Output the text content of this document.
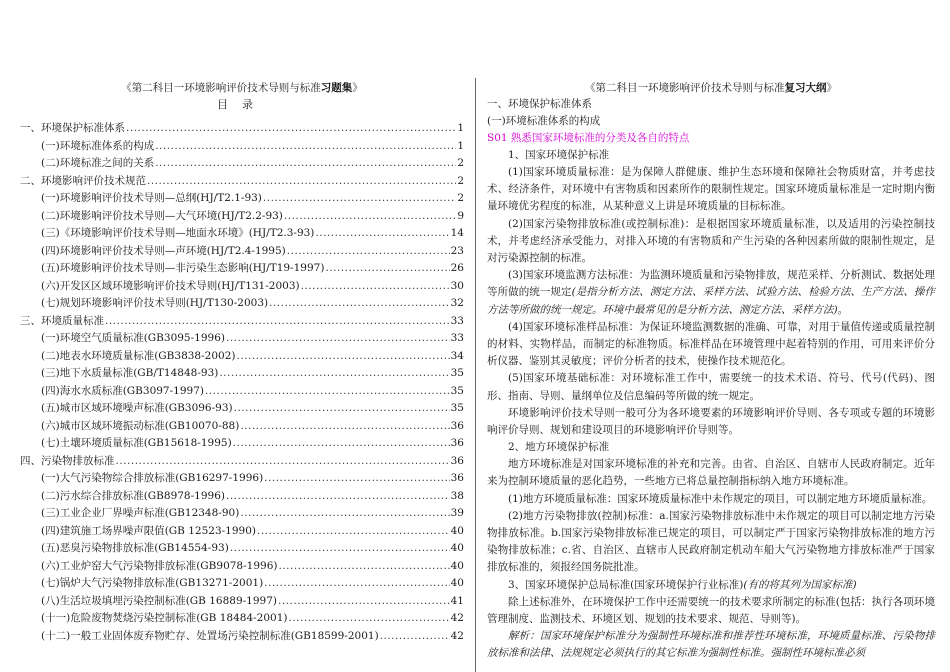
《第二科目一环境影响评价技术导则与标准习题集》
目录
一、环境保护标准体系 .....	1
(一)环境标准体系的构成 .....	1
(二)环境标准之间的关系 .....	2
二、环境影响评价技术规范 .....	2
(一)环境影响评价技术导则—总纲(HJ/T2.1-93) .....	2
(二)环境影响评价技术导则—大气环境(HJ/T2.2-93) .....	9
(三)《环境影响评价技术导则—地面水环境》(HJ/T2.3-93) .....	14
(四)环境影响评价技术导则—声环境(HJ/T2.4-1995) .....	23
(五)环境影响评价技术导则—非污染生态影响(HJ/T19-1997) .....	26
(六)开发区区域环境影响评价技术导则(HJ/T131-2003) .....	30
(七)规划环境影响评价技术导则(HJ/T130-2003) .....	32
三、环境质量标准 .....	33
(一)环境空气质量标准(GB3095-1996) .....	33
(二)地表水环境质量标准(GB3838-2002) .....	34
(三)地下水质量标准(GB/T14848-93) .....	35
(四)海水水质标准(GB3097-1997) .....	35
(五)城市区域环境噪声标准(GB3096-93) .....	35
(六)城市区域环境振动标准(GB10070-88) .....	36
(七)土壤环境质量标准(GB15618-1995) .....	36
四、污染物排放标准 .....	36
(一)大气污染物综合排放标准(GB16297-1996) .....	36
(二)污水综合排放标准(GB8978-1996) .....	38
(三)工业企业厂界噪声标准(GB12348-90) .....	39
(四)建筑施工场界噪声限值(GB 12523-1990) .....	40
(五)恶臭污染物排放标准(GB14554-93) .....	40
(六)工业炉窑大气污染物排放标准(GB9078-1996) .....	40
(七)锅炉大气污染物排放标准(GB13271-2001) .....	40
(八)生活垃圾填埋污染控制标准(GB 16889-1997) .....	41
(十一)危险废物焚烧污染控制标准(GB 18484-2001) .....	42
(十二)一般工业固体废弃物贮存、处置场污染控制标准(GB18599-2001) .....	42
《第二科目一环境影响评价技术导则与标准复习大纲》
一、环境保护标准体系
(一)环境标准体系的构成
S01 熟悉国家环境标准的分类及各自的特点
1、国家环境保护标准
(1)国家环境质量标准：是为保障人群健康、维护生态环境和保障社会物质财富，并考虑技术、经济条件，对环境中有害物质和因素所作的限制性规定。国家环境质量标准是一定时期内衡量环境优劣程度的标准，从某种意义上讲是环境质量的目标标准。
(2)国家污染物排放标准(或控制标准)：是根据国家环境质量标准，以及适用的污染控制技术，并考虑经济承受能力，对排入环境的有害物质和产生污染的各种因素所做的限制性规定，是对污染源控制的标准。
(3)国家环境监测方法标准：为监测环境质量和污染物排放，规范采样、分析测试、数据处理等所做的统一规定(是指分析方法、测定方法、采样方法、试验方法、检验方法、生产方法、操作方法等所做的统一规定。环境中最常见的是分析方法、测定方法、采样方法)。
(4)国家环境标准样品标准：为保证环境监测数据的准确、可靠，对用于量值传递或质量控制的材料、实物样品，而制定的标准物质。标准样品在环境管理中起着特别的作用，可用来评价分析仪器、鉴别其灵敏度；评价分析者的技术，使操作技术规范化。
(5)国家环境基础标准：对环境标准工作中，需要统一的技术术语、符号、代号(代码)、图形、指南、导则、量纲单位及信息编码等所做的统一规定。
环境影响评价技术导则一般可分为各环境要素的环境影响评价导则、各专项或专题的环境影响评价导则、规划和建设项目的环境影响评价导则等。
2、地方环境保护标准
地方环境标准是对国家环境标准的补充和完善。由省、自治区、自辖市人民政府制定。近年来为控制环境质量的恶化趋势，一些地方已将总量控制指标纳入地方环境标准。
(1)地方环境质量标准：国家环境质量标准中未作规定的项目，可以制定地方环境质量标准。
(2)地方污染物排放(控制)标准：a.国家污染物排放标准中未作规定的项目可以制定地方污染物排放标准。b.国家污染物排放标准已规定的项目，可以制定严于国家污染物排放标准的地方污染物排放标准；c.省、自治区、直辖市人民政府制定机动车船大气污染物地方排放标准严于国家排放标准的，须报经国务院批准。
3、国家环境保护总局标准(国家环境保护行业标准)(有的将其列为国家标准)
除上述标准外，在环境保护工作中还需要统一的技术要求所制定的标准(包括：执行各项环境管理制度、监测技术、环境区划、规划的技术要求、规范、导则等)。
解析：国家环境保护标准分为强制性环境标准和推荐性环境标准，环境质量标准、污染物排放标准和法律、法规规定必须执行的其它标准为强制性标准。强制性环境标准必须
